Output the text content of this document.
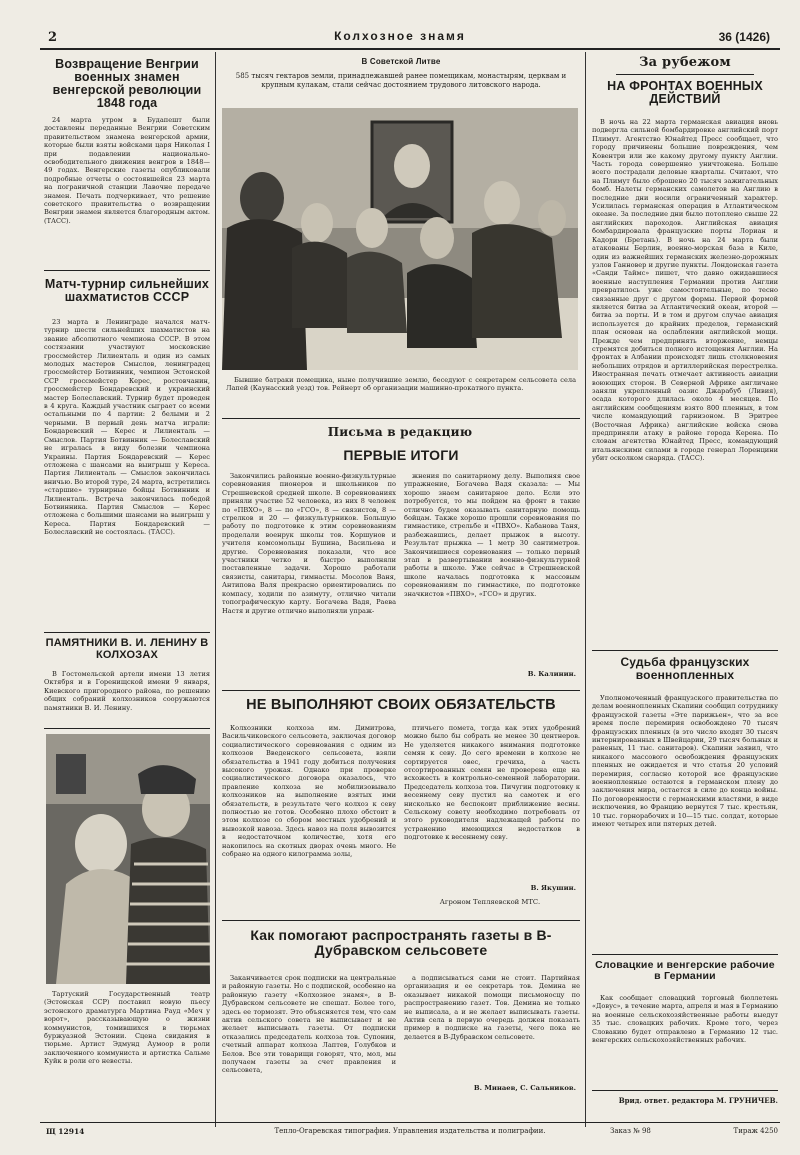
2	Колхозное знамя	36 (1426)
Возвращение Венгрии военных знамен венгерской революции 1848 года

24 марта утром в Будапешт были доставлены переданные Венгрии Советским правительством знамена венгерской армии, которые были взяты войсками царя Николая I при подавлении национально-освободительного движения венгров в 1848—49 годах. Венгерские газеты опубликовали подробные отчеты о состоявшейся 23 марта на пограничной станции Лавочне передаче знамен. Печать подчеркивает, что решение советского правительства о возвращении Венгрии знамен является благородным актом. (ТАСС).

Матч-турнир сильнейших шахматистов СССР

23 марта в Ленинграде начался матч-турнир шести сильнейших шахматистов на звание абсолютного чемпиона СССР. В этом состязании участвуют московские гроссмейстер Лилиенталь и один из самых молодых мастеров Смыслов, ленинградец гроссмейстер Ботвинник, чемпион Эстонской ССР гроссмейстер Керес, ростовчанин, гроссмейстер Бондаревский и украинский мастер Болеславский. Турнир будет проведен в 4 круга. Каждый участник сыграет со всеми остальными по 4 партии: 2 белыми и 2 черными. В первый день матча играли: Бондаревский — Керес и Лилиенталь — Смыслов. Партия Ботвинник — Болеславский не игралась в виду болезни чемпиона Украины. Партия Бондаревский — Керес отложена с шансами на выигрыш у Кереса. Партия Лилиенталь — Смыслов закончилась вничью. Во второй туре, 24 марта, встретились «старшие» турнирные бойцы Ботвинник и Лилиенталь. Встреча закончилась победой Ботвинника. Партия Смыслов — Керес отложена с большими шансами на выигрыш у Кереса. Партия Бондаревский — Болеславский не состоялась. (ТАСС).

ПАМЯТНИКИ В. И. ЛЕНИНУ В КОЛХОЗАХ

В Гостомельской артели имени 13 летия Октября и в Горенищской имени 9 января, Киевского пригородного района, по решению общих собраний колхозников сооружаются памятники В. И. Ленину.

Тартуский Государственный театр (Эстонская ССР) поставил новую пьесу эстонского драматурга Мартина Рауд «Меч у ворот», рассказывающую о жизни коммунистов, томившихся в тюрьмах буржуазной Эстонии. Сцена свидания в тюрьме. Артист Эдмунд Аумоор в роли заключенного коммуниста и артистка Сальме Куйк в роли его невесты.

В Советской Литве
585 тысяч гектаров земли, принадлежавшей ранее помещикам, монастырям, церквам и крупным кулакам, стали сейчас достоянием трудового литовского народа.

Бывшие батраки помещика, ныне получившие землю, беседуют с секретарем сельсовета села Лапей (Каунасский уезд) тов. Рейнерт об организации машинно-прокатного пункта.

Письма в редакцию
ПЕРВЫЕ ИТОГИ

Закончились районные военно-физкультурные соревнования пионеров и школьников по Стрешневской средней школе. В соревнованиях приняли участие 52 человека, из них 8 человек по «ПВХО», 8 — по «ГСО», 8 — связистов, 8 — стрелков и 20 — физкультурников. Большую работу по подготовке к этим соревнованиям проделали военрук школы тов. Коршунов и учителя комсомольцы Бушина, Васильева и другие. Соревнования показали, что все участники четко и быстро выполняли поставленные задачи. Хорошо работали связисты, санитары, гимнасты. Мосолов Ваня, Антипова Валя прекрасно ориентировались по компасу, ходили по азимуту, отлично читали топографическую карту. Богачева Вадя, Раева Настя и другие отлично выполняли упраж-

жнения по санитарному делу. Выполняя свое упражнение, Богачева Вадя сказала: — Мы хорошо знаем санитарное дело. Если это потребуется, то мы пойдем на фронт в такие отлично будем оказывать санитарную помощь бойцам. Также хорошо прошли соревнования по гимнастике, стрельбе и «ПВХО». Кабанова Таня, разбежавшись, делает прыжок в высоту. Результат прыжка — 1 метр 30 сантиметров. Закончившиеся соревнования — только первый этап в развертывании военно-физкультурной работы в школе. Уже сейчас в Стрешневской школе началась подготовка к массовым соревнованиям по гимнастике, по подготовке значкистов «ПВХО», «ГСО» и других.

В. Калинин.
НЕ ВЫПОЛНЯЮТ СВОИХ ОБЯЗАТЕЛЬСТВ

Колхозники колхоза им. Димитрова, Васильчиковского сельсовета, заключая договор социалистического соревнования с одним из колхозов Введенского сельсовета, взяли обязательства в 1941 году добиться получения высокого урожая. Однако при проверке социалистического договора оказалось, что правление колхоза не мобилизовывало колхозников на выполнение взятых ими обязательств, в результате чего колхоз к севу полностью не готов. Особенно плохо обстоит в этом колхозе со сбором местных удобрений и вывозкой навоза. Здесь навоз на поля вывозится в недостаточном количестве, хотя его накопилось на скотных дворах очень много. Не собрано на одного килограмма золы,

птичьего помета, тогда как этих удобрений можно было бы собрать не менее 30 центнеров. Не уделяется никакого внимания подготовке семян к севу. До сего времени в колхозе не сортируется овес, гречиха, а часть отсортированных семян не проверена еще на всхожесть в контрольно-семенной лаборатории. Председатель колхоза тов. Пичугин подготовку к весеннему севу пустил на самотек и его нисколько не беспокоит приближение весны. Сельскому совету необходимо потребовать от этого руководителя надлежащей работы по устранению имеющихся недостатков в подготовке к весеннему севу.

В. Якушин.
Агроном Тепляевской МТС.
Как помогают распространять газеты в В-Дубравском сельсовете

Заканчивается срок подписки на центральные и районную газеты. Но с подпиской, особенно на районную газету «Колхозное знамя», в В-Дубравском сельсовете не спешат. Более того, здесь ее тормозят. Это объясняется тем, что сам актив сельского совета не выписывает и не желает выписывать газеты. От подписки отказались председатель колхоза тов. Супонин, счетный аппарат колхоза Лаптев, Голубков и Белов. Все эти товарищи говорят, что, мол, мы получаем газеты за счет правления и сельсовета,

а подписываться сами не стоит. Партийная организация и ее секретарь тов. Демина не оказывает никакой помощи письмоносцу по распространению газет. Тов. Демина не только не выписала, а и не желает выписывать газеты. Актив села в первую очередь должен показать пример в подписке на газеты, чего пока не делается в В-Дубравском сельсовете.

В. Минаев, С. Сальников.
За рубежом
НА ФРОНТАХ ВОЕННЫХ ДЕЙСТВИЙ

В ночь на 22 марта германская авиация вновь подвергла сильной бомбардировке английский порт Плимут. Агентство Юнайтед Пресс сообщает, что городу причинены большие повреждения, чем Ковентри или же какому другому пункту Англии. Часть города совершенно уничтожена. Больше всего пострадали деловые кварталы. Считают, что на Плимут было сброшено 20 тысяч зажигательных бомб. Налеты германских самолетов на Англию в последние дни носили ограниченный характер. Усилилась германская операция в Атлантическом океане. За последние дни было потоплено свыше 22 английских пароходов. Английская авиация бомбардировала французские порты Лориан и Кадори (Бретань). В ночь на 24 марта были атакованы Берлин, военно-морская база в Киле, один из важнейших германских железно-дорожных узлов Ганновер и другие пункты. Лондонская газета «Санди Таймс» пишет, что давно ожидавшиеся военные наступления Германии против Англии превратилось уже самостоятельные, по тесно связанные друг с другом формы. Первой формой является битва за Атлантический океан, второй — битва за порты. И в том и другом случае авиация используется до крайних пределов, германский план основан на ослаблении английской мощи. Прежде чем предпринять вторжение, немцы стремятся добиться полного истощения Англии. На фронтах в Албании происходят лишь столкновения небольших отрядов и артиллерийская перестрелка. Иностранная печать отмечает активность авиации воюющих сторон. В Северной Африке англичане заняли укрепленный оазис Джарабуб (Ливия), осада которого длилась около 4 месяцев. По английским сообщениям взято 800 пленных, в том числе командующий гарнизоном. В Эритрее (Восточная Африка) английские войска снова предприняли атаку в районе города Керена. По словам агентства Юнайтед Пресс, командующий итальянскими силами в городе генерал Лоренцини убит осколком снаряда. (ТАСС).

Судьба французских военнопленных

Уполномоченный французского правительства по делам военнопленных Скапини сообщил сотруднику французской газеты «Эте парижьен», что за все время после перемирия освобождено 70 тысяч французских пленных (в это число входят 30 тысяч интернированных в Швейцарии, 29 тысяч больных и раненых, 11 тыс. санитаров). Скапини заявил, что никакого массового освобождения французских пленных не ожидается и что статья 20 условий перемирия, согласно которой все французские военнопленные остаются в германском плену до заключения мира, остается в силе до конца войны. По договоренности с германскими властями, в виде исключения, во Францию вернутся 7 тыс. крестьян, 10 тыс. горнорабочих и 10—15 тыс. солдат, которые имеют четырех или пятерых детей.

Словацкие и венгерские рабочие в Германии

Как сообщает словацкий торговый бюллетень «Довус», в течение марта, апреля и мая в Германию на военные сельскохозяйственные работы выедут 35 тыс. словацких рабочих. Кроме того, через Словакию будет отправлено в Германию 12 тыс. венгерских сельскохозяйственных рабочих.

Врид. ответ. редактора М. ГРУНИЧЕВ.
Щ 12914	Тепло-Огаревская типография. Управления издательства и полиграфии.	Заказ № 98	Тираж 4250
